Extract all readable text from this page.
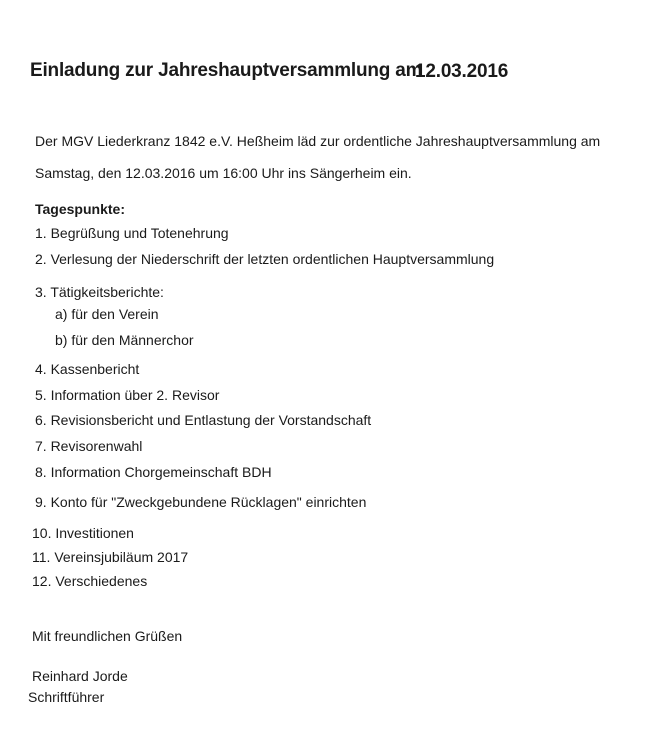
Einladung zur Jahreshauptversammlung am
12.03.2016
Der MGV Liederkranz 1842 e.V. Heßheim läd zur ordentliche Jahreshauptversammlung am
Samstag, den 12.03.2016 um 16:00 Uhr ins Sängerheim ein.
Tagespunkte:
1. Begrüßung und Totenehrung
2. Verlesung der Niederschrift der letzten ordentlichen Hauptversammlung
3. Tätigkeitsberichte:
a) für den Verein
b) für den Männerchor
4. Kassenbericht
5. Information über 2. Revisor
6. Revisionsbericht und Entlastung der Vorstandschaft
7. Revisorenwahl
8. Information Chorgemeinschaft BDH
9. Konto für "Zweckgebundene Rücklagen" einrichten
10. Investitionen
11. Vereinsjubiläum 2017
12. Verschiedenes
Mit freundlichen Grüßen
Reinhard Jorde
Schriftführer
